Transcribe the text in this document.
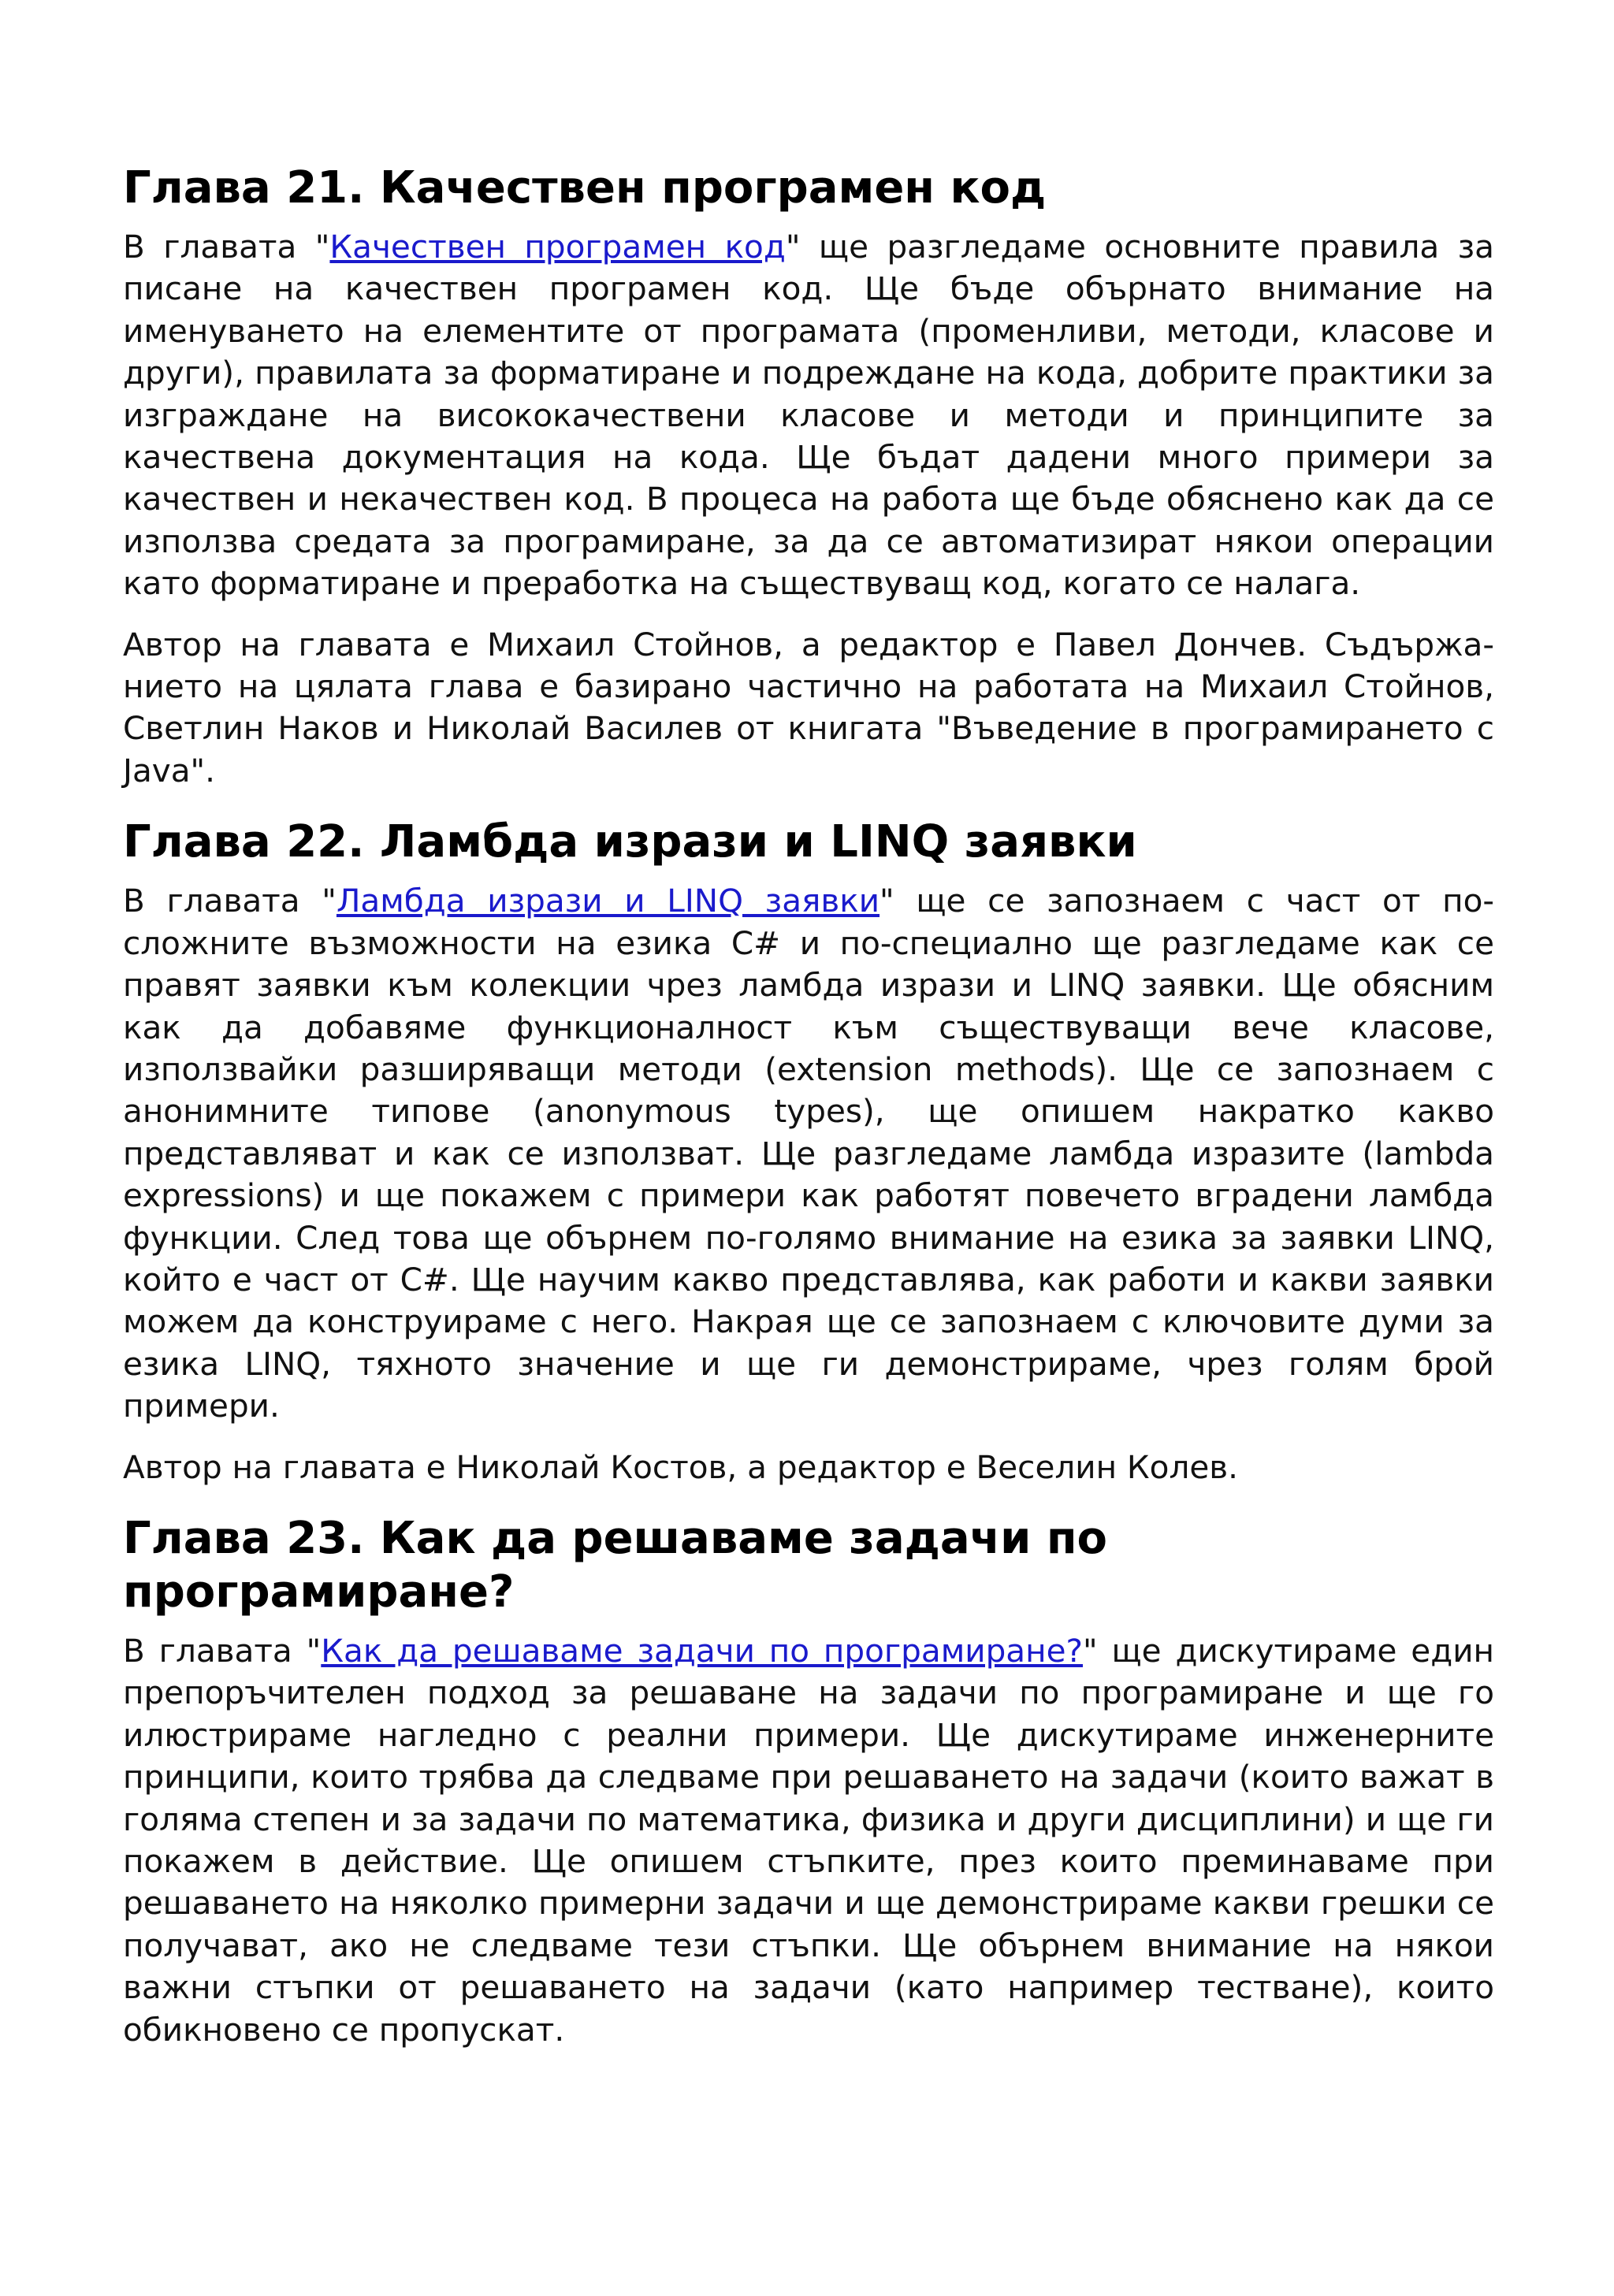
Глава 21. Качествен програмен код

В главата "Качествен програмен код" ще разгледаме основните правила за писане на качествен програмен код. Ще бъде обърнато внимание на именуването на елементите от програмата (променливи, методи, класове и други), правилата за форматиране и подреждане на кода, добрите практики за изграждане на висококачествени класове и методи и принципите за качествена документация на кода. Ще бъдат дадени много примери за качествен и некачествен код. В процеса на работа ще бъде обяснено как да се използва средата за програмиране, за да се автоматизират някои операции като форматиране и преработка на съществуващ код, когато се налага.

Автор на главата е Михаил Стойнов, а редактор е Павел Дончев. Съдържанието на цялата глава е базирано частично на работата на Михаил Стойнов, Светлин Наков и Николай Василев от книгата "Въведение в програмирането с Java".

Глава 22. Ламбда изрази и LINQ заявки

В главата "Ламбда изрази и LINQ заявки" ще се запознаем с част от по-сложните възможности на езика C# и по-специално ще разгледаме как се правят заявки към колекции чрез ламбда изрази и LINQ заявки. Ще обясним как да добавяме функционалност към съществуващи вече класове, използвайки разширяващи методи (extension methods). Ще се запознаем с анонимните типове (anonymous types), ще опишем накратко какво представляват и как се използват. Ще разгледаме ламбда изразите (lambda expressions) и ще покажем с примери как работят повечето вградени ламбда функции. След това ще обърнем по-голямо внимание на езика за заявки LINQ, който е част от C#. Ще научим какво представлява, как работи и какви заявки можем да конструираме с него. Накрая ще се запознаем с ключовите думи за езика LINQ, тяхното значение и ще ги демонстрираме, чрез голям брой примери.

Автор на главата е Николай Костов, а редактор е Веселин Колев.

Глава 23. Как да решаваме задачи по програмиране?

В главата "Как да решаваме задачи по програмиране?" ще дискутираме един препоръчителен подход за решаване на задачи по програмиране и ще го илюстрираме нагледно с реални примери. Ще дискутираме инженерните принципи, които трябва да следваме при решаването на задачи (които важат в голяма степен и за задачи по математика, физика и други дисциплини) и ще ги покажем в действие. Ще опишем стъпките, през които преминаваме при решаването на няколко примерни задачи и ще демонстрираме какви грешки се получават, ако не следваме тези стъпки. Ще обърнем внимание на някои важни стъпки от решаването на задачи (като например тестване), които обикновено се пропускат.
